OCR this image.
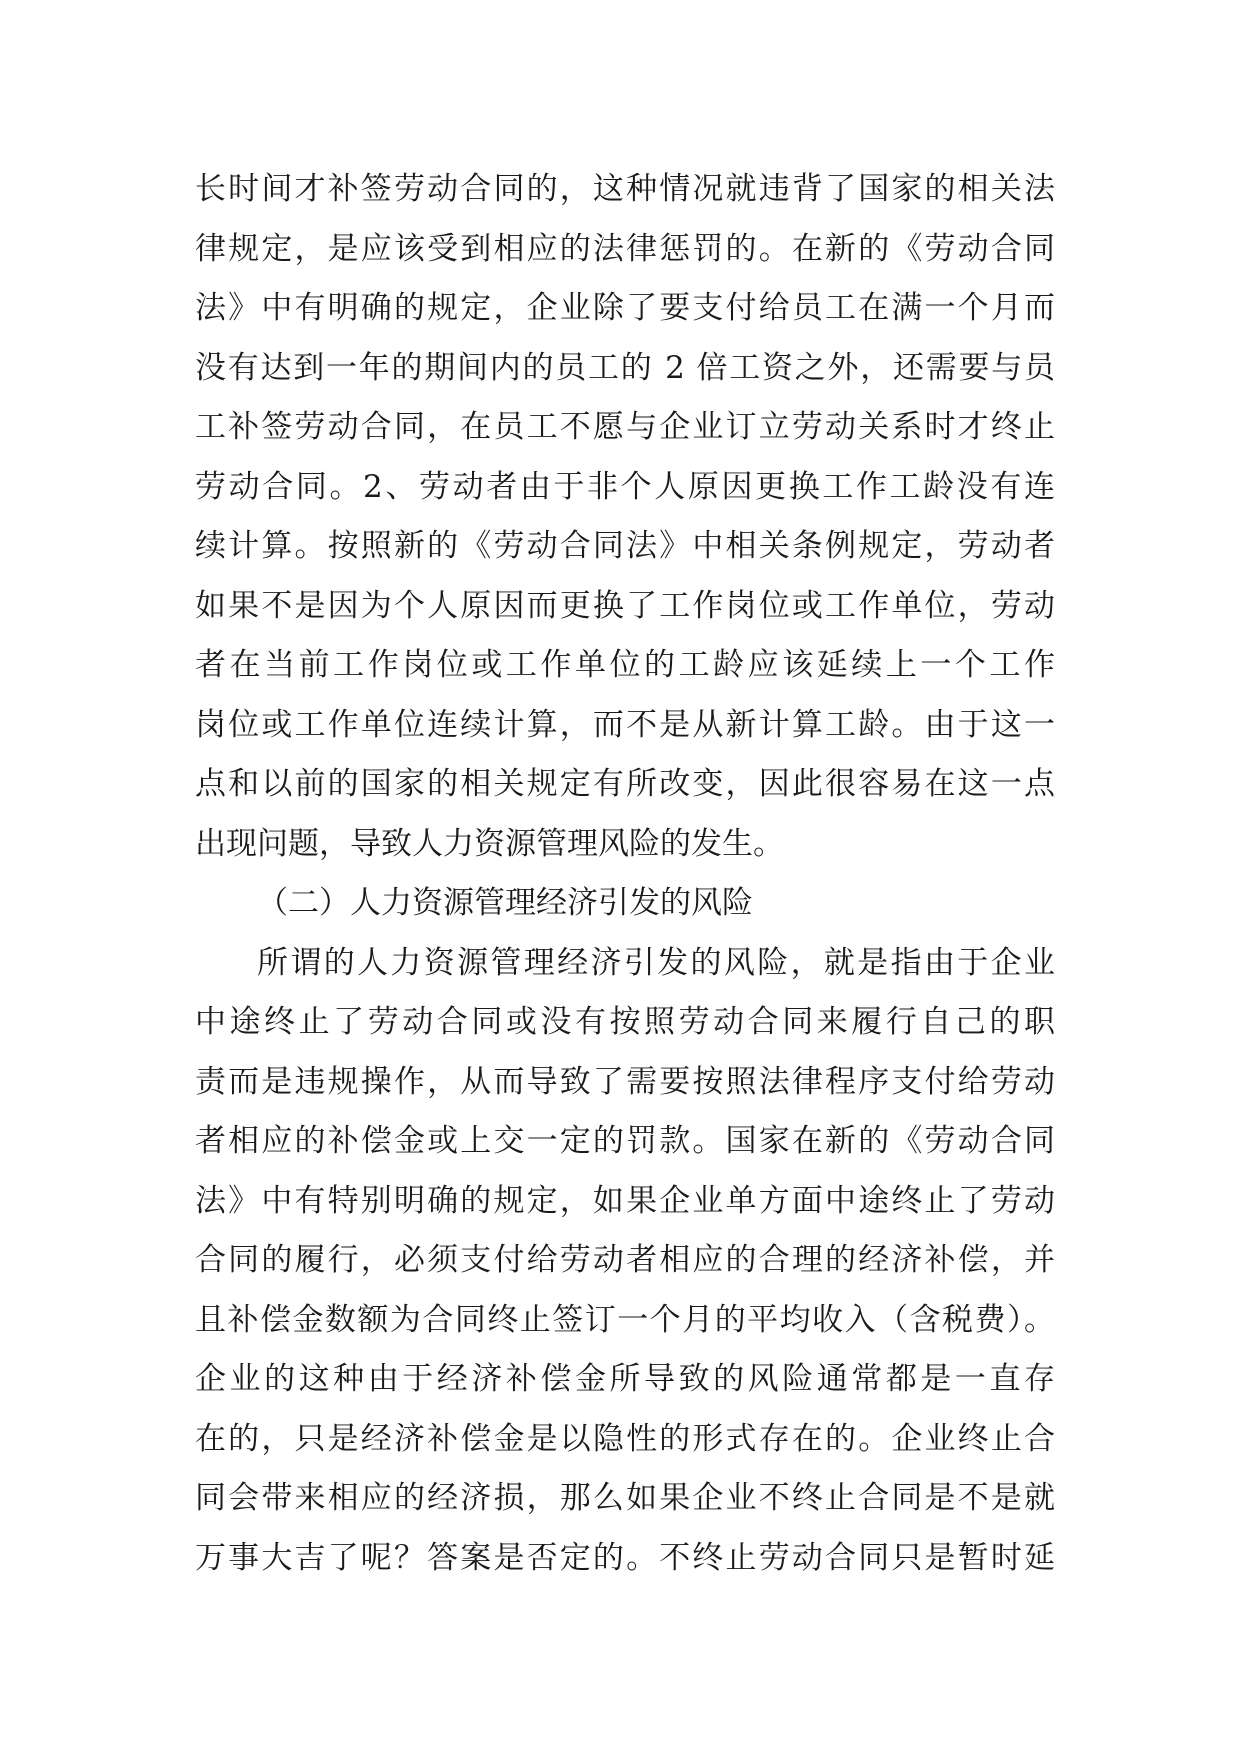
长时间才补签劳动合同的，这种情况就违背了国家的相关法
律规定，是应该受到相应的法律惩罚的。在新的《劳动合同
法》中有明确的规定，企业除了要支付给员工在满一个月而
没有达到一年的期间内的员工的 2 倍工资之外，还需要与员
工补签劳动合同，在员工不愿与企业订立劳动关系时才终止
劳动合同。2、劳动者由于非个人原因更换工作工龄没有连
续计算。按照新的《劳动合同法》中相关条例规定，劳动者
如果不是因为个人原因而更换了工作岗位或工作单位，劳动
者在当前工作岗位或工作单位的工龄应该延续上一个工作
岗位或工作单位连续计算，而不是从新计算工龄。由于这一
点和以前的国家的相关规定有所改变，因此很容易在这一点
出现问题，导致人力资源管理风险的发生。
（二）人力资源管理经济引发的风险
所谓的人力资源管理经济引发的风险，就是指由于企业
中途终止了劳动合同或没有按照劳动合同来履行自己的职
责而是违规操作，从而导致了需要按照法律程序支付给劳动
者相应的补偿金或上交一定的罚款。国家在新的《劳动合同
法》中有特别明确的规定，如果企业单方面中途终止了劳动
合同的履行，必须支付给劳动者相应的合理的经济补偿，并
且补偿金数额为合同终止签订一个月的平均收入（含税费）。
企业的这种由于经济补偿金所导致的风险通常都是一直存
在的，只是经济补偿金是以隐性的形式存在的。企业终止合
同会带来相应的经济损，那么如果企业不终止合同是不是就
万事大吉了呢？答案是否定的。不终止劳动合同只是暂时延
